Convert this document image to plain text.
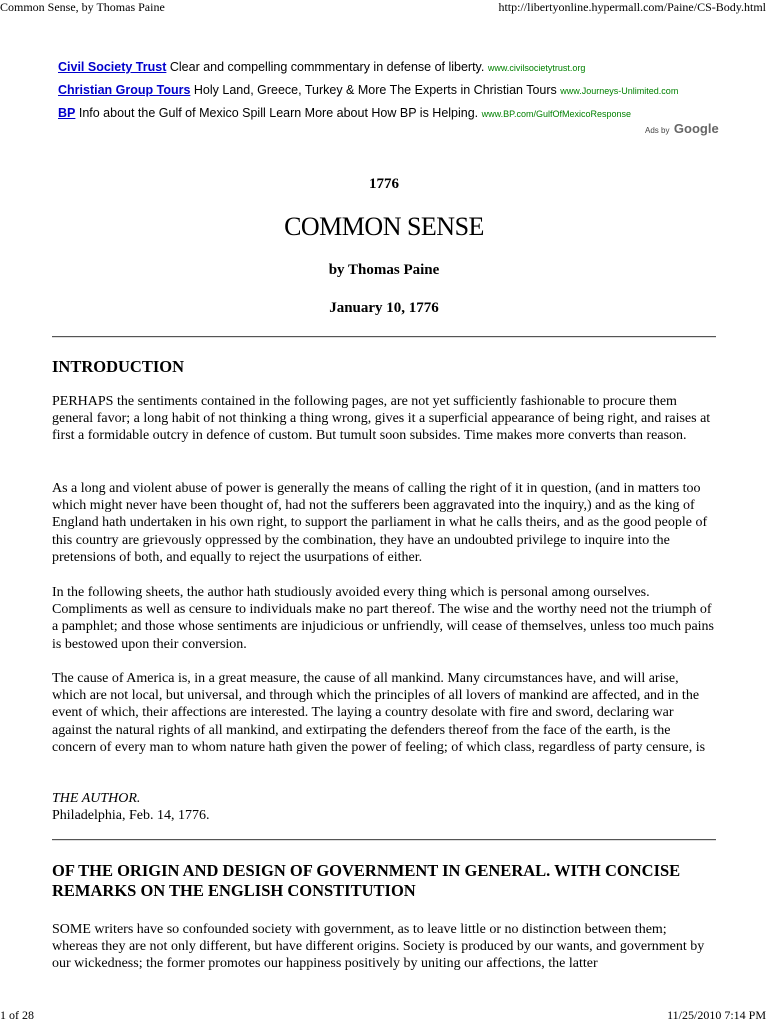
Common Sense, by Thomas Paine	http://libertyonline.hypermall.com/Paine/CS-Body.html
Civil Society Trust Clear and compelling commmentary in defense of liberty. www.civilsocietytrust.org
Christian Group Tours Holy Land, Greece, Turkey & More The Experts in Christian Tours www.Journeys-Unlimited.com
BP Info about the Gulf of Mexico Spill Learn More about How BP is Helping. www.BP.com/GulfOfMexicoResponse
Ads by Google
1776
COMMON SENSE
by Thomas Paine
January 10, 1776
INTRODUCTION
PERHAPS the sentiments contained in the following pages, are not yet sufficiently fashionable to procure them general favor; a long habit of not thinking a thing wrong, gives it a superficial appearance of being right, and raises at first a formidable outcry in defence of custom. But tumult soon subsides. Time makes more converts than reason.
As a long and violent abuse of power is generally the means of calling the right of it in question, (and in matters too which might never have been thought of, had not the sufferers been aggravated into the inquiry,) and as the king of England hath undertaken in his own right, to support the parliament in what he calls theirs, and as the good people of this country are grievously oppressed by the combination, they have an undoubted privilege to inquire into the pretensions of both, and equally to reject the usurpations of either.
In the following sheets, the author hath studiously avoided every thing which is personal among ourselves. Compliments as well as censure to individuals make no part thereof. The wise and the worthy need not the triumph of a pamphlet; and those whose sentiments are injudicious or unfriendly, will cease of themselves, unless too much pains is bestowed upon their conversion.
The cause of America is, in a great measure, the cause of all mankind. Many circumstances have, and will arise, which are not local, but universal, and through which the principles of all lovers of mankind are affected, and in the event of which, their affections are interested. The laying a country desolate with fire and sword, declaring war against the natural rights of all mankind, and extirpating the defenders thereof from the face of the earth, is the concern of every man to whom nature hath given the power of feeling; of which class, regardless of party censure, is
THE AUTHOR.
Philadelphia, Feb. 14, 1776.
OF THE ORIGIN AND DESIGN OF GOVERNMENT IN GENERAL. WITH CONCISE REMARKS ON THE ENGLISH CONSTITUTION
SOME writers have so confounded society with government, as to leave little or no distinction between them; whereas they are not only different, but have different origins. Society is produced by our wants, and government by our wickedness; the former promotes our happiness positively by uniting our affections, the latter
1 of 28	11/25/2010 7:14 PM
